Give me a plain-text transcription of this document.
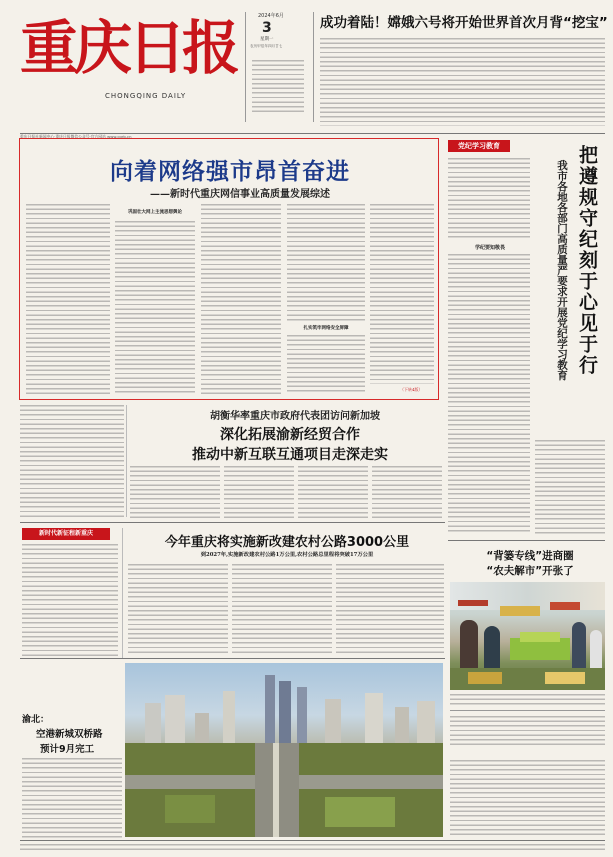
重庆日报
CHONGQING DAILY
2024年6月
3
星期一
农历甲辰年四月廿七
重庆日报社新闻中心·重庆日报微信公众号·官方网站 www.cqrb.cn
成功着陆！嫦娥六号将开始世界首次月背“挖宝”
向着网络强市昂首奋进
——新时代重庆网信事业高质量发展综述
巩固壮大网上主流思想舆论
扎实筑牢网络安全屏障
（下转4版）
党纪学习教育
学纪要知敬畏	把遵规守纪刻于心见于行
我市各地各部门高质量严要求开展党纪学习教育
胡衡华率重庆市政府代表团访问新加坡
深化拓展渝新经贸合作
推动中新互联互通项目走深走实
新时代新征程新重庆
今年重庆将实施新改建农村公路3000公里
到2027年,实施新改建农村公路1万公里,农村公路总里程将突破17万公里	“背篓专线”进商圈
“农夫解市”开张了
渝北：
空港新城双桥路
预计9月完工
